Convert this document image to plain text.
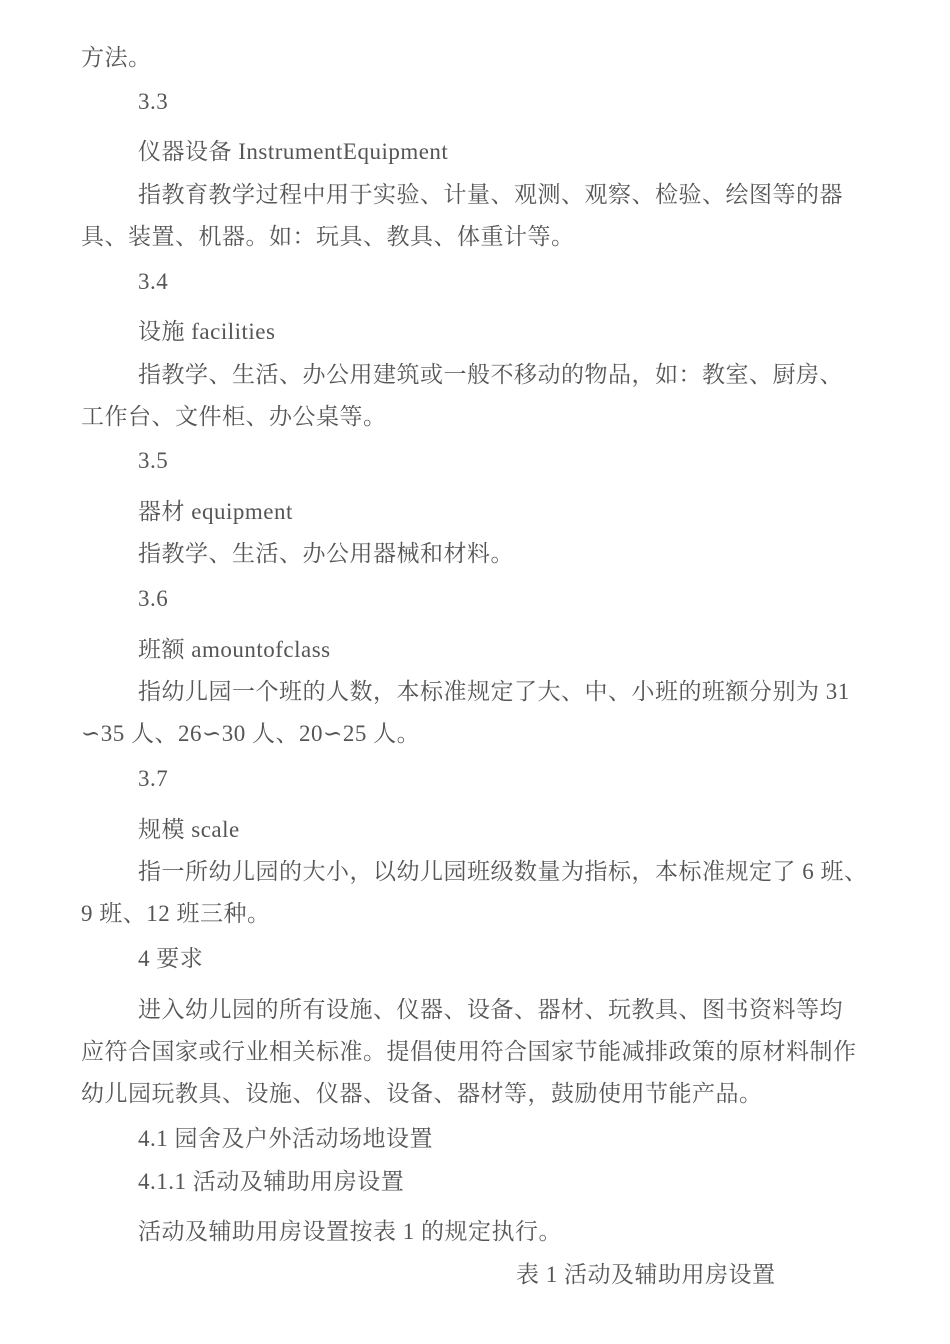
方法。
3.3
仪器设备 InstrumentEquipment
指教育教学过程中用于实验、计量、观测、观察、检验、绘图等的器
具、装置、机器。如：玩具、教具、体重计等。
3.4
设施 facilities
指教学、生活、办公用建筑或一般不移动的物品，如：教室、厨房、
工作台、文件柜、办公桌等。
3.5
器材 equipment
指教学、生活、办公用器械和材料。
3.6
班额 amountofclass
指幼儿园一个班的人数，本标准规定了大、中、小班的班额分别为 31
∽35 人、26∽30 人、20∽25 人。
3.7
规模 scale
指一所幼儿园的大小，以幼儿园班级数量为指标，本标准规定了 6 班、
9 班、12 班三种。
4 要求
进入幼儿园的所有设施、仪器、设备、器材、玩教具、图书资料等均
应符合国家或行业相关标准。提倡使用符合国家节能减排政策的原材料制作
幼儿园玩教具、设施、仪器、设备、器材等，鼓励使用节能产品。
4.1 园舍及户外活动场地设置
4.1.1 活动及辅助用房设置
活动及辅助用房设置按表 1 的规定执行。
表 1 活动及辅助用房设置
